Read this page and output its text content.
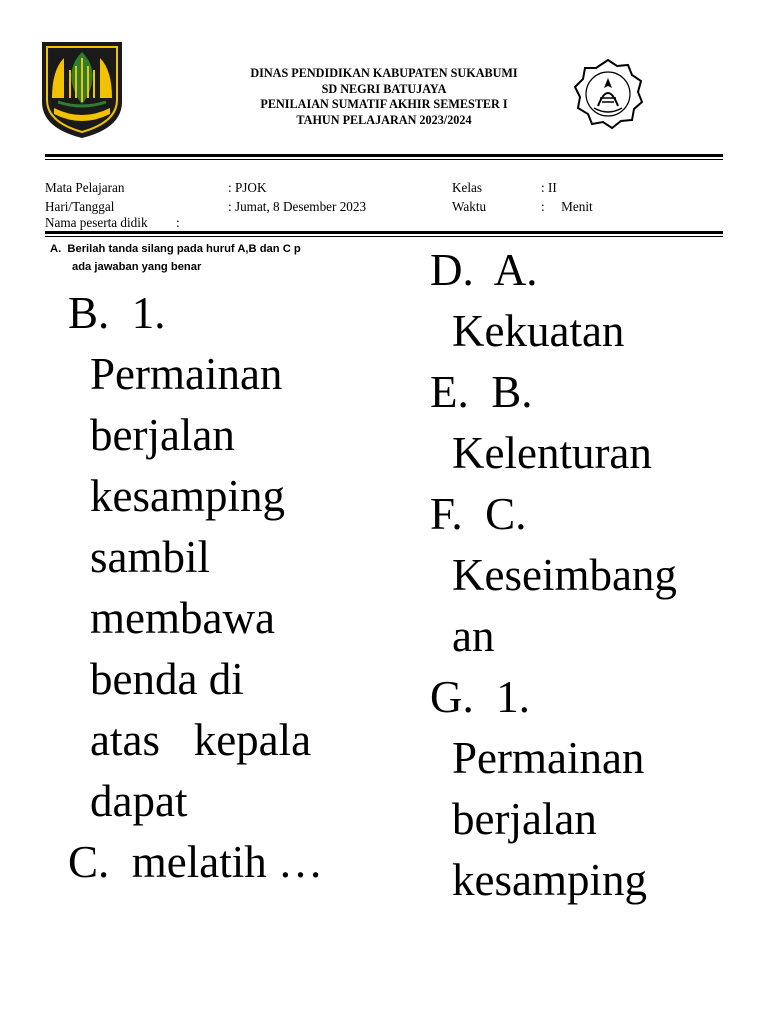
DINAS PENDIDIKAN KABUPATEN SUKABUMI
SD NEGRI BATUJAYA
PENILAIAN SUMATIF AKHIR SEMESTER I
TAHUN PELAJARAN 2023/2024
Mata Pelajaran	: PJOK	Kelas	: II
Hari/Tanggal	: Jumat, 8 Desember 2023	Waktu	:     Menit
Nama peserta didik :
A. Berilah tanda silang pada huruf A,B dan C p
ada jawaban yang benar
B.  1.
Permainan
berjalan
kesamping
sambil
membawa
benda di
atas   kepala
dapat
C.  melatih …
D.  A.
Kekuatan
E.  B.
Kelenturan
F.  C.
Keseimbang
an
G.  1.
Permainan
berjalan
kesamping
